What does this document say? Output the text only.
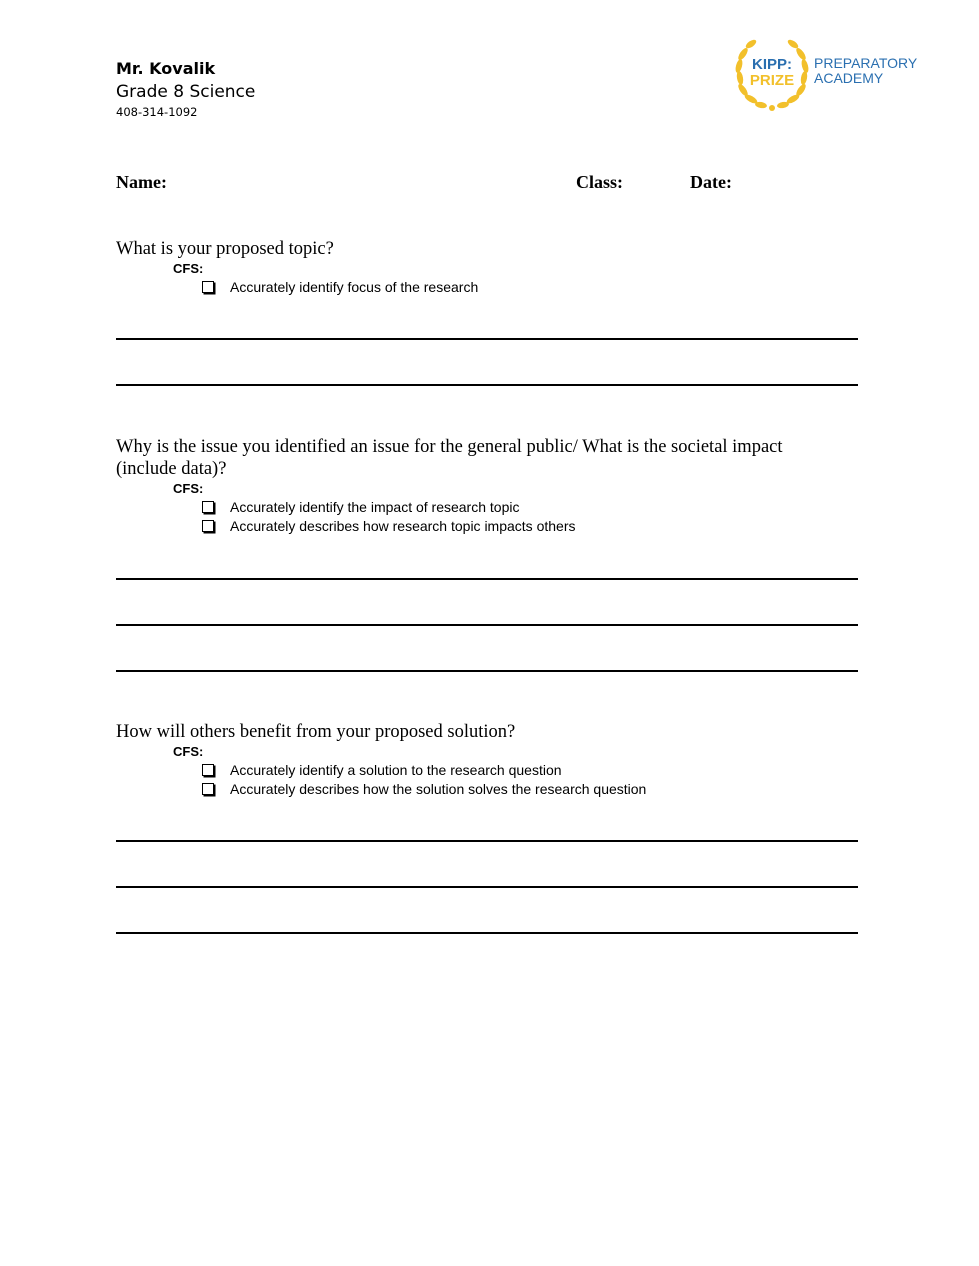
Mr. Kovalik
Grade 8 Science
408-314-1092
KIPP:
PRIZE
PREPARATORY
ACADEMY
Name:	Class:	Date:
What is your proposed topic?
CFS:
Accurately identify focus of the research
Why is the issue you identified an issue for the general public/ What is the societal impact (include data)?
CFS:
Accurately identify the impact of research topic
Accurately describes how research topic impacts others
How will others benefit from your proposed solution?
CFS:
Accurately identify a solution to the research question
Accurately describes how the solution solves the research question
